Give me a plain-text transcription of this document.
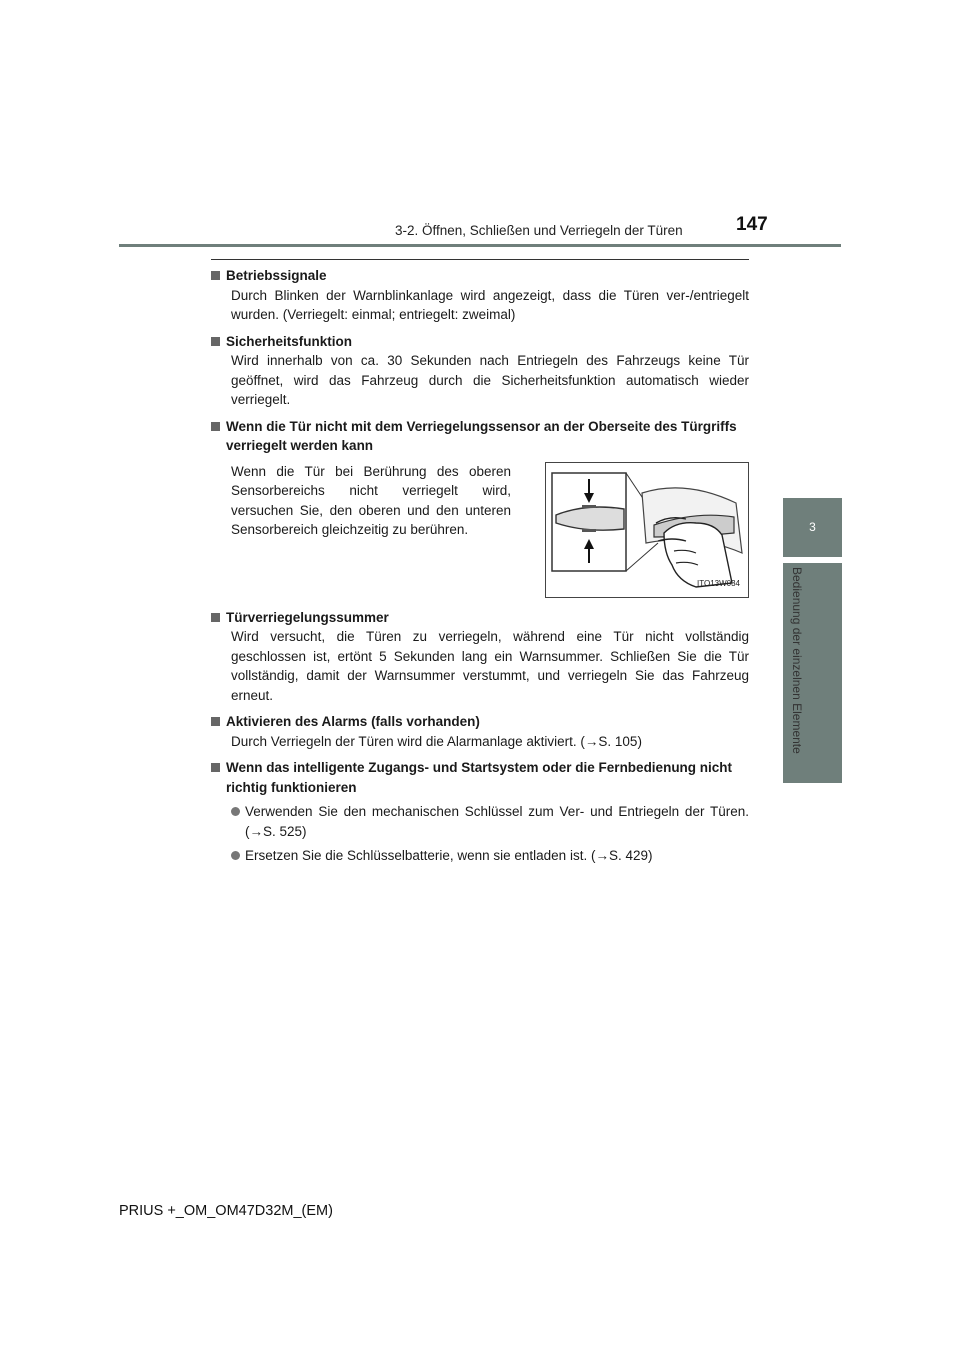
3-2. Öffnen, Schließen und Verriegeln der Türen	147
3
Bedienung der einzelnen Elemente
Betriebssignale
Durch Blinken der Warnblinkanlage wird angezeigt, dass die Türen ver-/entriegelt wurden. (Verriegelt: einmal; entriegelt: zweimal)
Sicherheitsfunktion
Wird innerhalb von ca. 30 Sekunden nach Entriegeln des Fahrzeugs keine Tür geöffnet, wird das Fahrzeug durch die Sicherheitsfunktion automatisch wieder verriegelt.
Wenn die Tür nicht mit dem Verriegelungssensor an der Oberseite des Türgriffs verriegelt werden kann
Wenn die Tür bei Berührung des oberen Sensorbereichs nicht verriegelt wird, versuchen Sie, den oberen und den unteren Sensorbereich gleichzeitig zu berühren.
ITO13W034
Türverriegelungssummer
Wird versucht, die Türen zu verriegeln, während eine Tür nicht vollständig geschlossen ist, ertönt 5 Sekunden lang ein Warnsummer. Schließen Sie die Tür vollständig, damit der Warnsummer verstummt, und verriegeln Sie das Fahrzeug erneut.
Aktivieren des Alarms (falls vorhanden)
Durch Verriegeln der Türen wird die Alarmanlage aktiviert. (→S. 105)
Wenn das intelligente Zugangs- und Startsystem oder die Fernbedienung nicht richtig funktionieren
Verwenden Sie den mechanischen Schlüssel zum Ver- und Entriegeln der Türen. (→S. 525)
Ersetzen Sie die Schlüsselbatterie, wenn sie entladen ist. (→S. 429)
PRIUS +_OM_OM47D32M_(EM)
